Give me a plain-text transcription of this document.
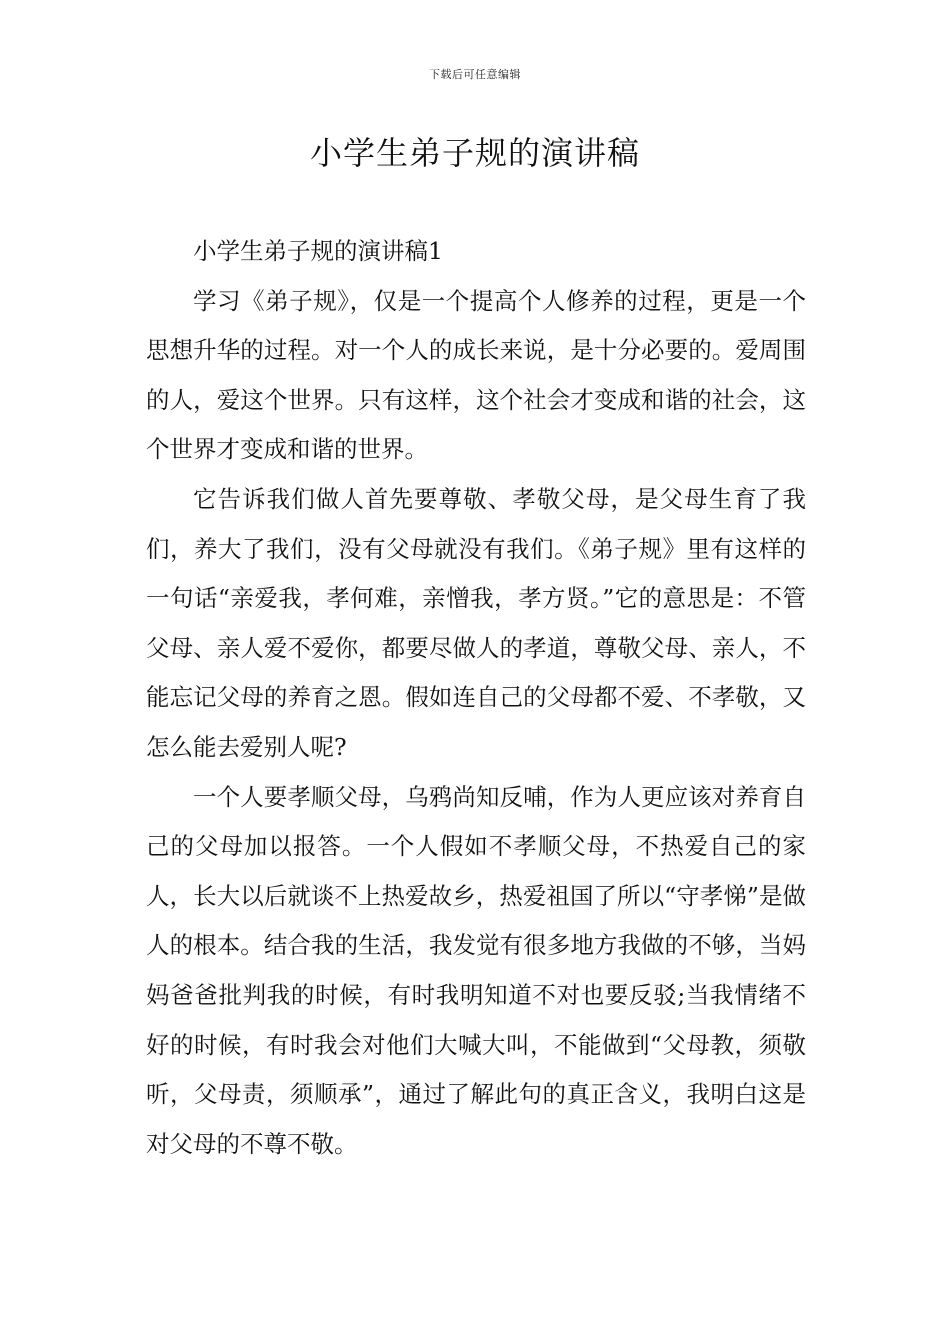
下载后可任意编辑
小学生弟子规的演讲稿

小学生弟子规的演讲稿1

学习《弟子规》，仅是一个提高个人修养的过程，更是一个思想升华的过程。对一个人的成长来说，是十分必要的。爱周围的人，爱这个世界。只有这样，这个社会才变成和谐的社会，这个世界才变成和谐的世界。

它告诉我们做人首先要尊敬、孝敬父母，是父母生育了我们，养大了我们，没有父母就没有我们。《弟子规》里有这样的一句话“亲爱我，孝何难，亲憎我，孝方贤。”它的意思是：不管父母、亲人爱不爱你，都要尽做人的孝道，尊敬父母、亲人，不能忘记父母的养育之恩。假如连自己的父母都不爱、不孝敬，又怎么能去爱别人呢?

一个人要孝顺父母，乌鸦尚知反哺，作为人更应该对养育自己的父母加以报答。一个人假如不孝顺父母，不热爱自己的家人，长大以后就谈不上热爱故乡，热爱祖国了所以“守孝悌”是做人的根本。结合我的生活，我发觉有很多地方我做的不够，当妈妈爸爸批判我的时候，有时我明知道不对也要反驳;当我情绪不好的时候，有时我会对他们大喊大叫，不能做到“父母教，须敬听，父母责，须顺承”，通过了解此句的真正含义，我明白这是对父母的不尊不敬。
